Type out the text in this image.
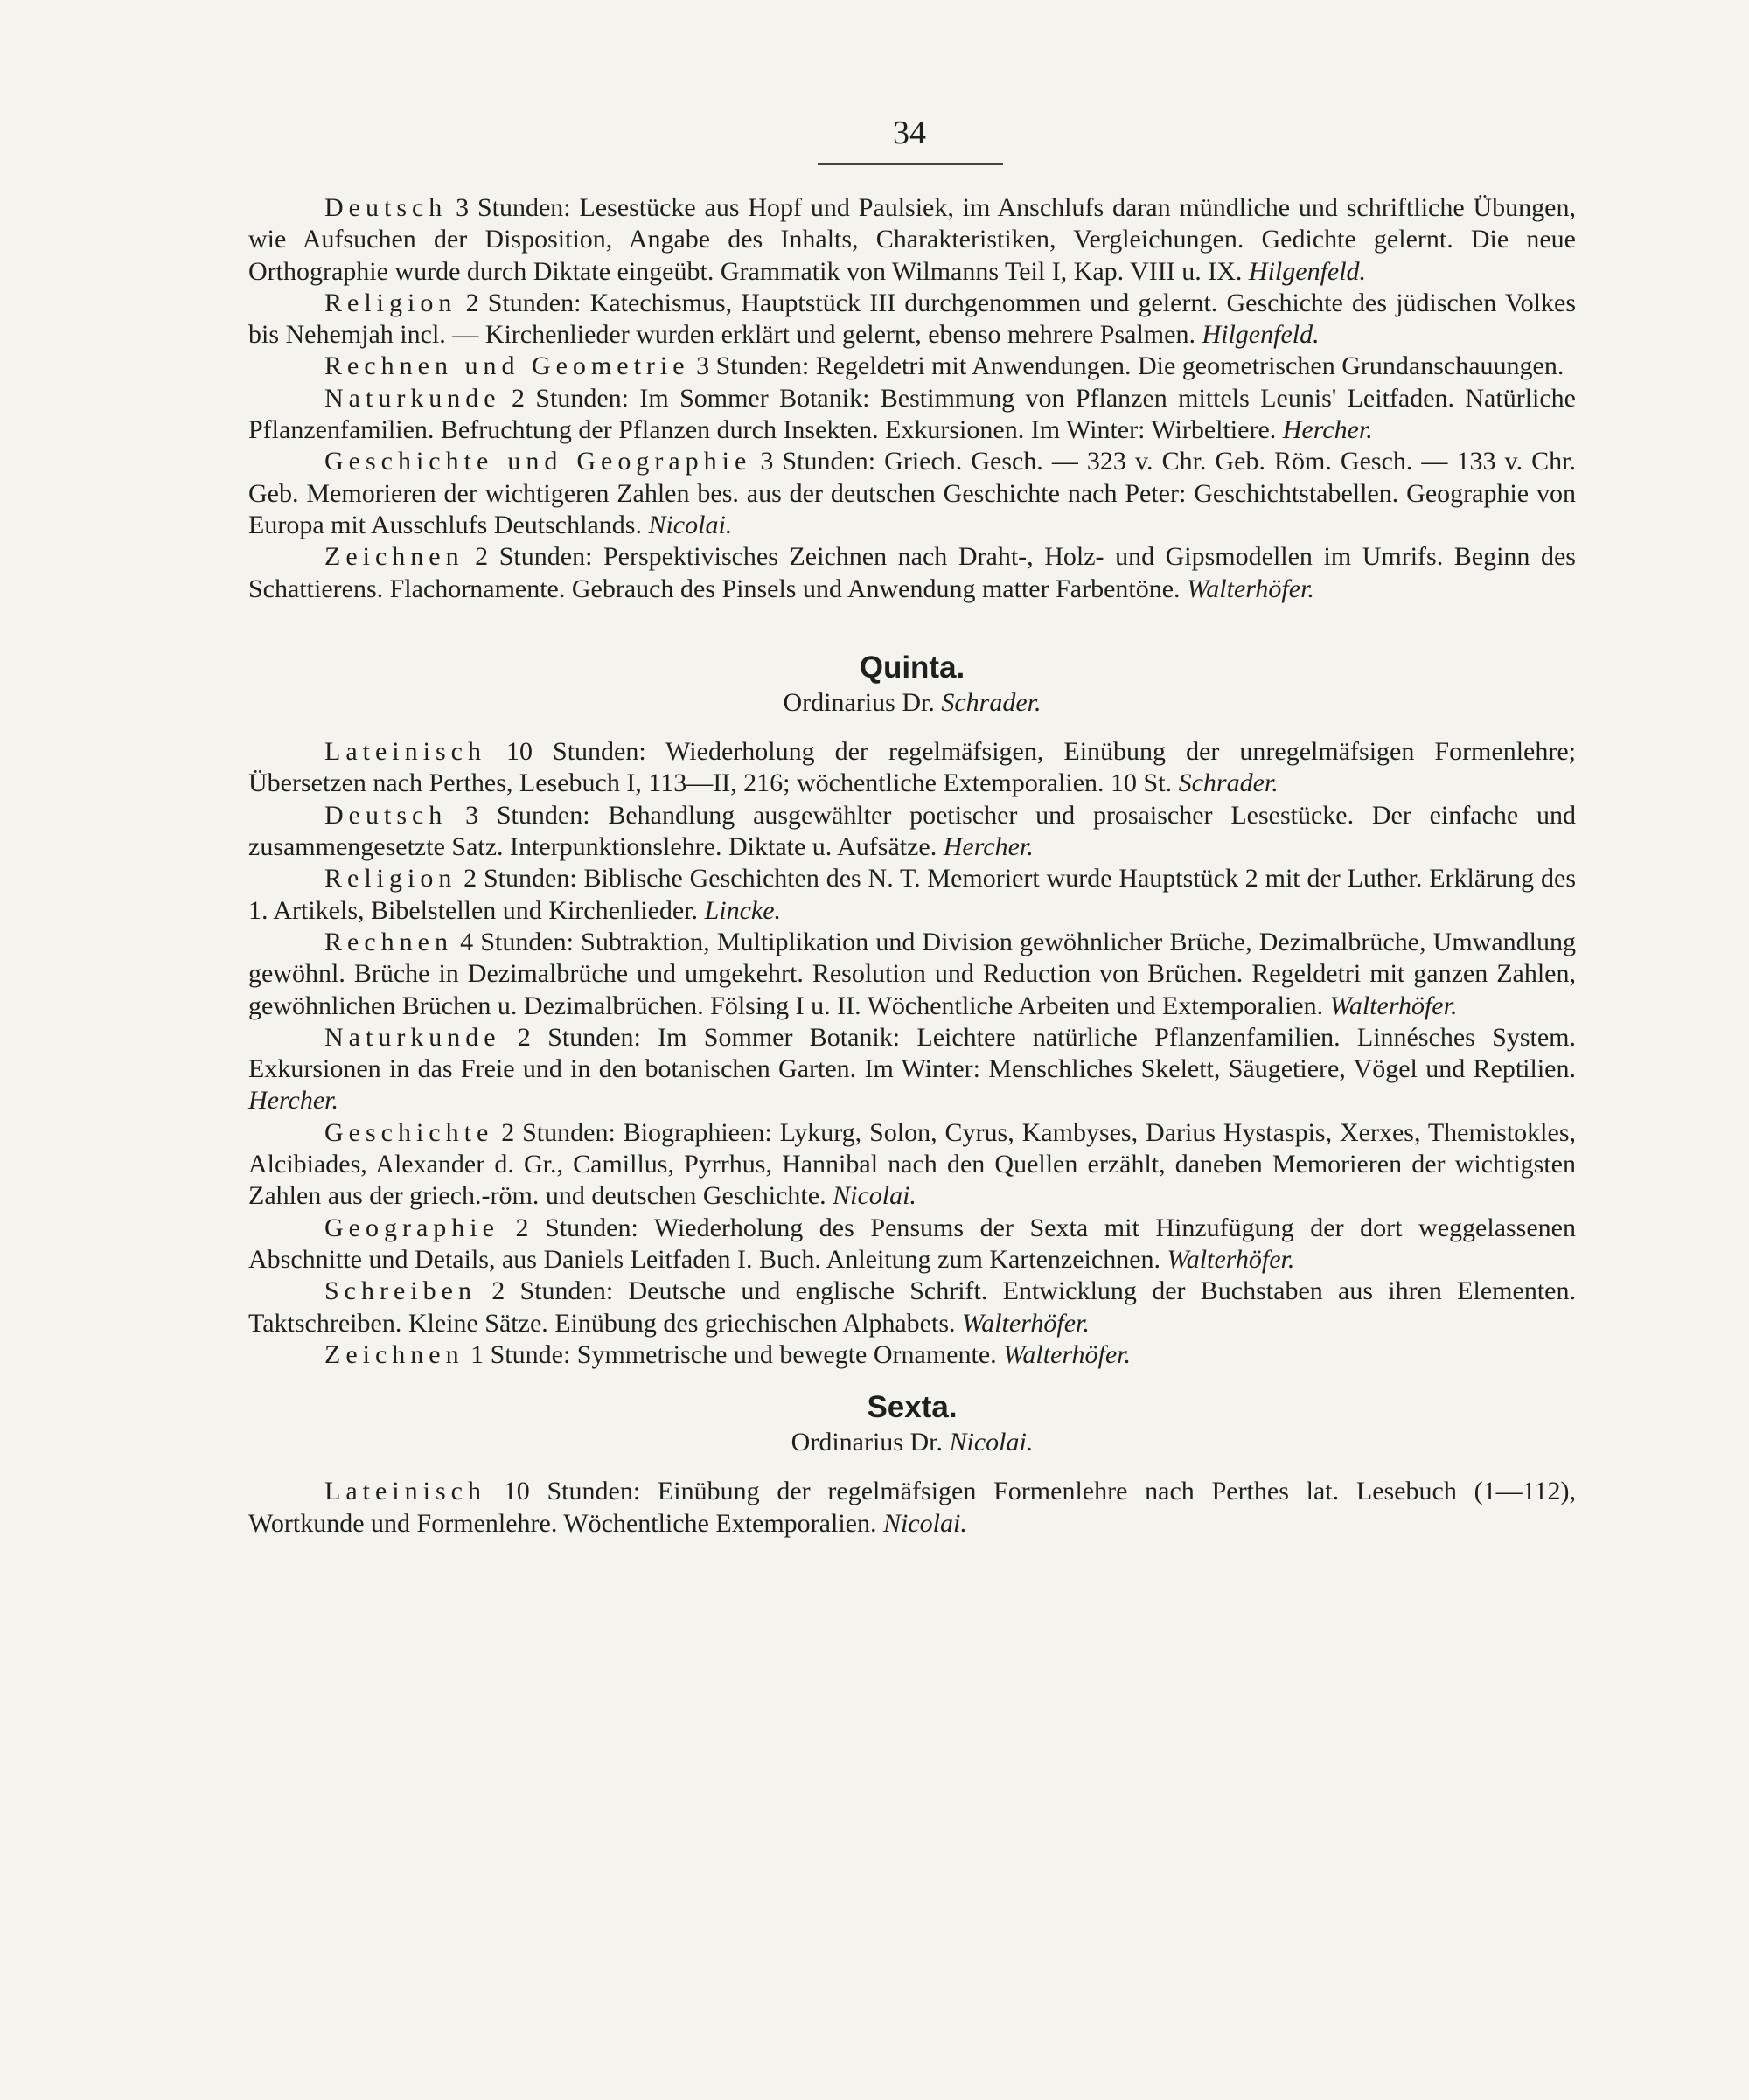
34

Deutsch 3 Stunden: Lesestücke aus Hopf und Paulsiek, im Anschlufs daran mündliche und schriftliche Übungen, wie Aufsuchen der Disposition, Angabe des Inhalts, Charakteristiken, Vergleichungen. Gedichte gelernt. Die neue Orthographie wurde durch Diktate eingeübt. Grammatik von Wilmanns Teil I, Kap. VIII u. IX. Hilgenfeld.

Religion 2 Stunden: Katechismus, Hauptstück III durchgenommen und gelernt. Geschichte des jüdischen Volkes bis Nehemjah incl. — Kirchenlieder wurden erklärt und gelernt, ebenso mehrere Psalmen. Hilgenfeld.

Rechnen und Geometrie 3 Stunden: Regeldetri mit Anwendungen. Die geometrischen Grundanschauungen.

Naturkunde 2 Stunden: Im Sommer Botanik: Bestimmung von Pflanzen mittels Leunis' Leitfaden. Natürliche Pflanzenfamilien. Befruchtung der Pflanzen durch Insekten. Exkursionen. Im Winter: Wirbeltiere. Hercher.

Geschichte und Geographie 3 Stunden: Griech. Gesch. — 323 v. Chr. Geb. Röm. Gesch. — 133 v. Chr. Geb. Memorieren der wichtigeren Zahlen bes. aus der deutschen Geschichte nach Peter: Geschichtstabellen. Geographie von Europa mit Ausschlufs Deutschlands. Nicolai.

Zeichnen 2 Stunden: Perspektivisches Zeichnen nach Draht-, Holz- und Gipsmodellen im Umrifs. Beginn des Schattierens. Flachornamente. Gebrauch des Pinsels und Anwendung matter Farbentöne. Walterhöfer.

Quinta.

Ordinarius Dr. Schrader.

Lateinisch 10 Stunden: Wiederholung der regelmäfsigen, Einübung der unregelmäfsigen Formenlehre; Übersetzen nach Perthes, Lesebuch I, 113—II, 216; wöchentliche Extemporalien. 10 St. Schrader.

Deutsch 3 Stunden: Behandlung ausgewählter poetischer und prosaischer Lesestücke. Der einfache und zusammengesetzte Satz. Interpunktionslehre. Diktate u. Aufsätze. Hercher.

Religion 2 Stunden: Biblische Geschichten des N. T. Memoriert wurde Hauptstück 2 mit der Luther. Erklärung des 1. Artikels, Bibelstellen und Kirchenlieder. Lincke.

Rechnen 4 Stunden: Subtraktion, Multiplikation und Division gewöhnlicher Brüche, Dezimalbrüche, Umwandlung gewöhnl. Brüche in Dezimalbrüche und umgekehrt. Resolution und Reduction von Brüchen. Regeldetri mit ganzen Zahlen, gewöhnlichen Brüchen u. Dezimalbrüchen. Fölsing I u. II. Wöchentliche Arbeiten und Extemporalien. Walterhöfer.

Naturkunde 2 Stunden: Im Sommer Botanik: Leichtere natürliche Pflanzenfamilien. Linnésches System. Exkursionen in das Freie und in den botanischen Garten. Im Winter: Menschliches Skelett, Säugetiere, Vögel und Reptilien. Hercher.

Geschichte 2 Stunden: Biographieen: Lykurg, Solon, Cyrus, Kambyses, Darius Hystaspis, Xerxes, Themistokles, Alcibiades, Alexander d. Gr., Camillus, Pyrrhus, Hannibal nach den Quellen erzählt, daneben Memorieren der wichtigsten Zahlen aus der griech.-röm. und deutschen Geschichte. Nicolai.

Geographie 2 Stunden: Wiederholung des Pensums der Sexta mit Hinzufügung der dort weggelassenen Abschnitte und Details, aus Daniels Leitfaden I. Buch. Anleitung zum Kartenzeichnen. Walterhöfer.

Schreiben 2 Stunden: Deutsche und englische Schrift. Entwicklung der Buchstaben aus ihren Elementen. Taktschreiben. Kleine Sätze. Einübung des griechischen Alphabets. Walterhöfer.

Zeichnen 1 Stunde: Symmetrische und bewegte Ornamente. Walterhöfer.

Sexta.

Ordinarius Dr. Nicolai.

Lateinisch 10 Stunden: Einübung der regelmäfsigen Formenlehre nach Perthes lat. Lesebuch (1—112), Wortkunde und Formenlehre. Wöchentliche Extemporalien. Nicolai.
